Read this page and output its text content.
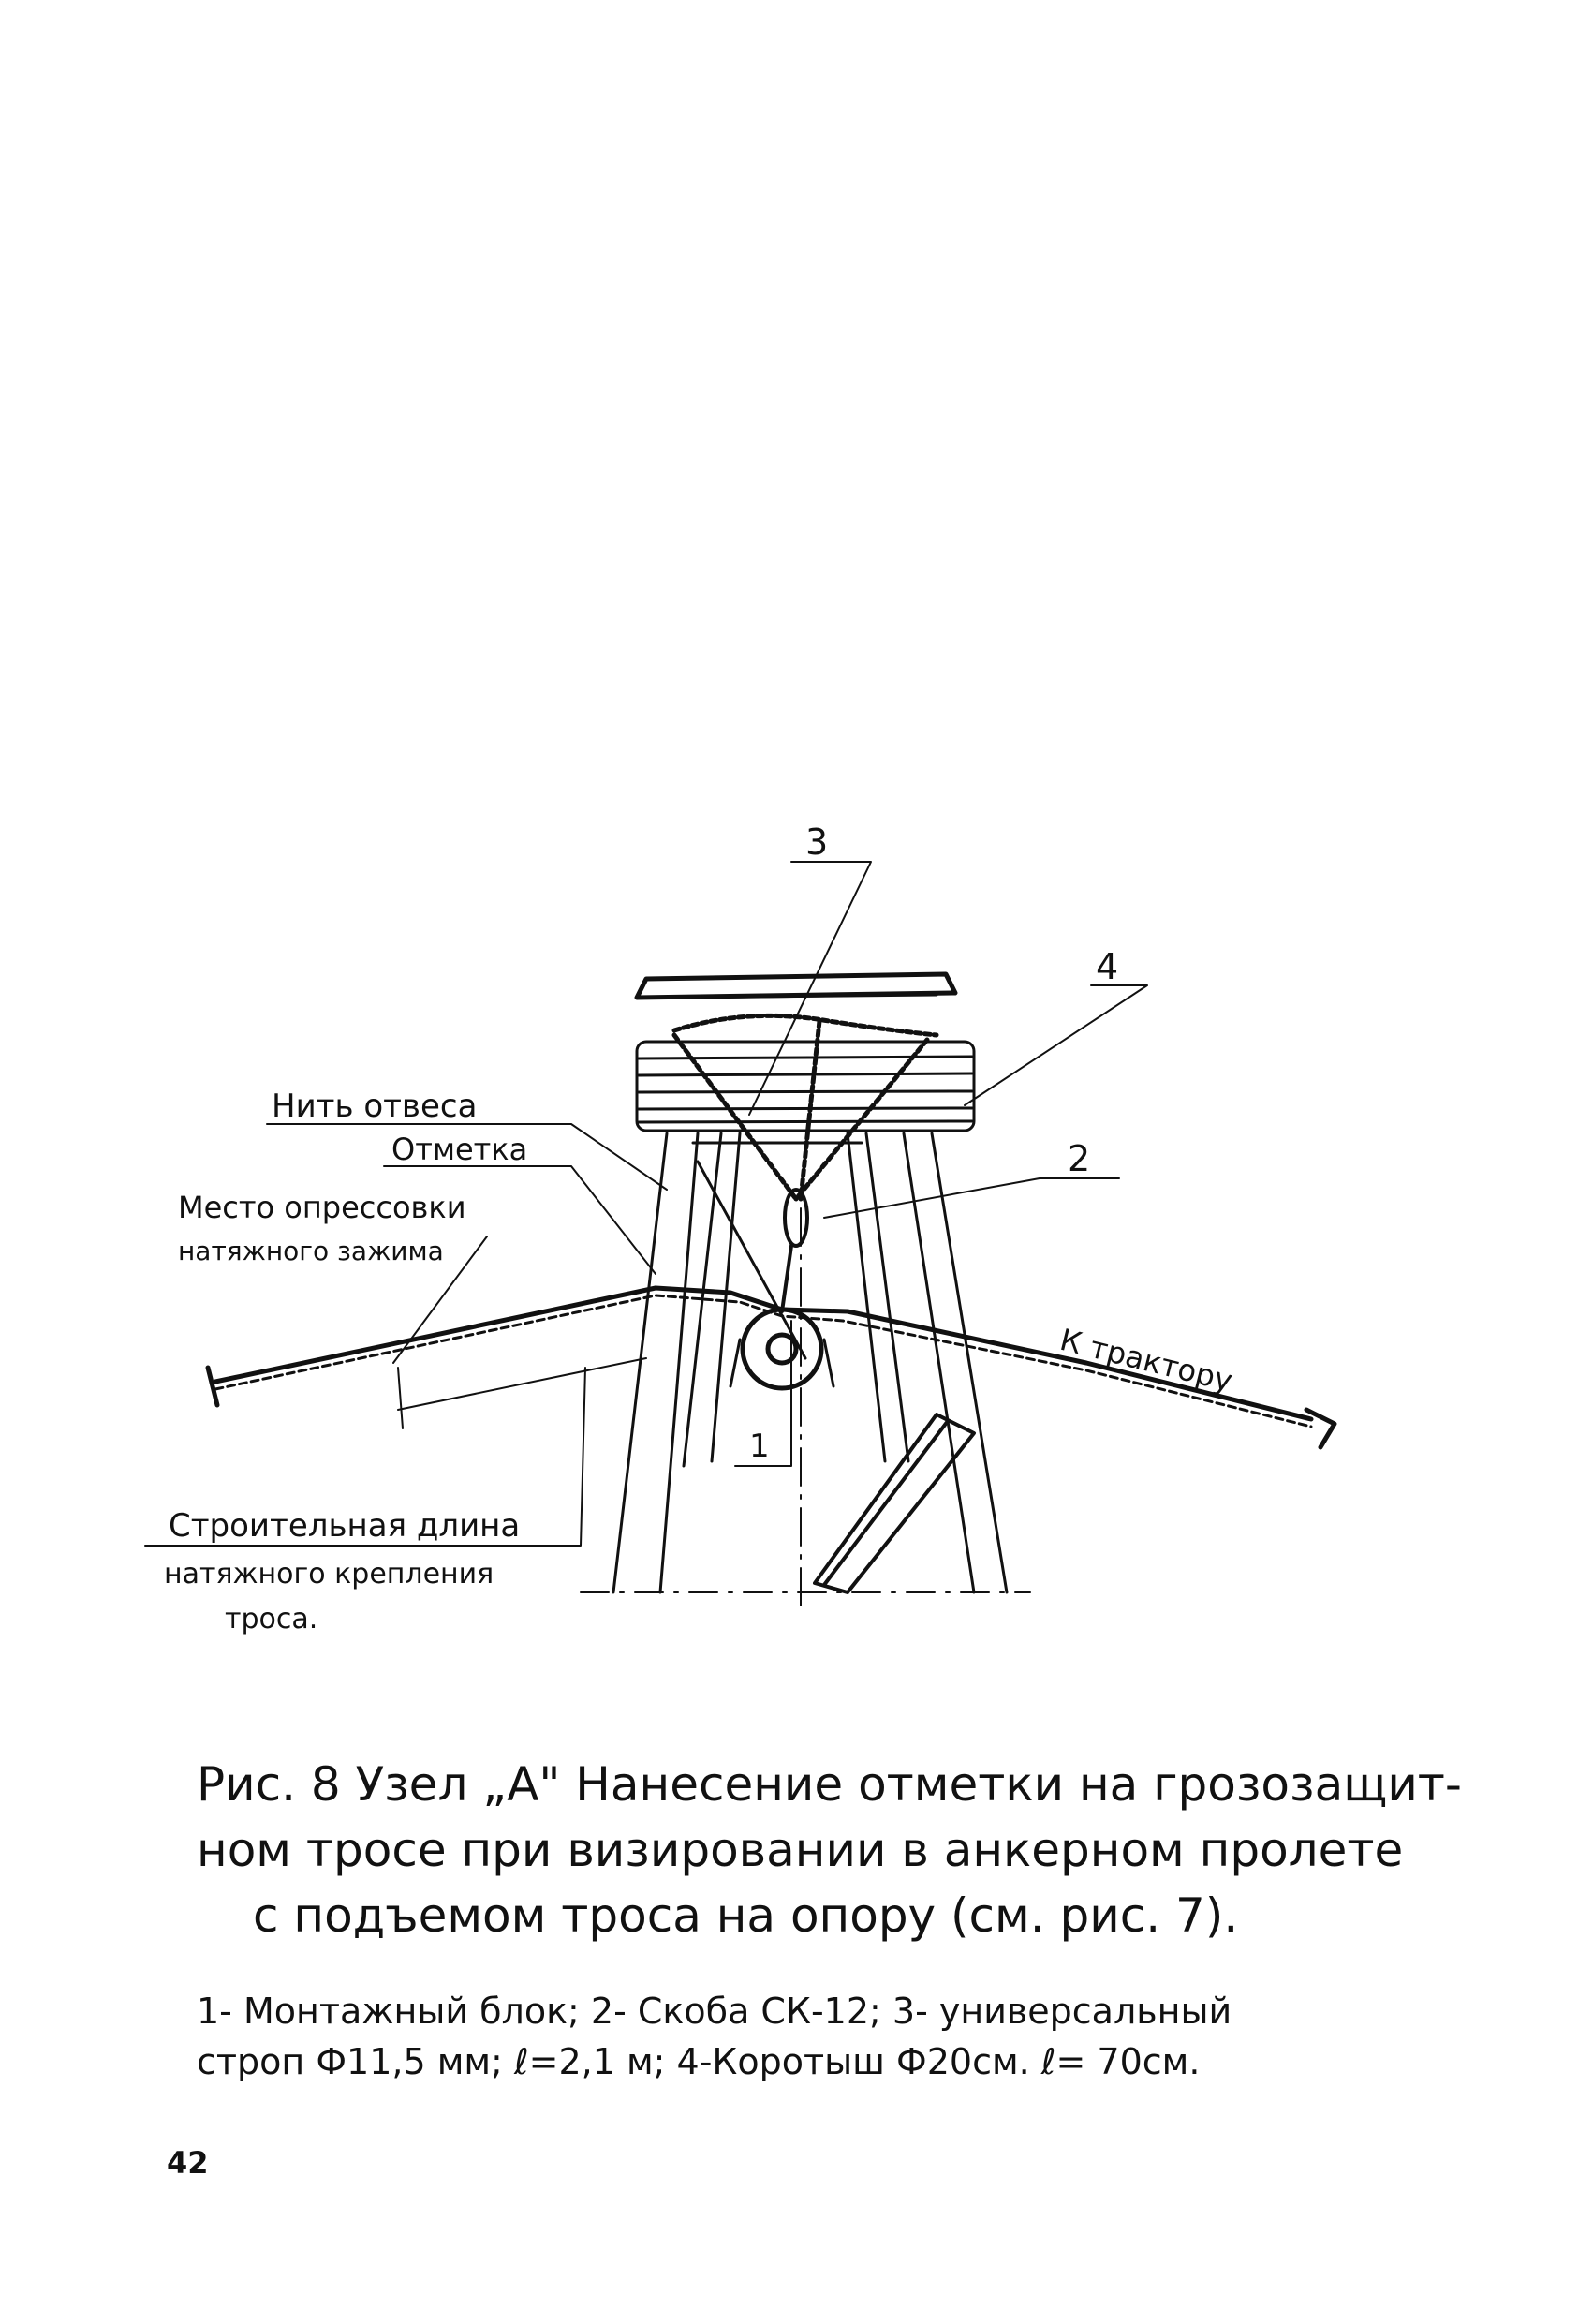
3
4
2
1
Нить отвеса
Отметка
Место опрессовки
натяжного зажима
К трактору
Строительная длина
натяжного крепления
троса.
Рис. 8 Узел „А" Нанесение отметки на грозозащит-
ном тросе при визировании в анкерном пролете
с подъемом троса на опору (см. рис. 7).
1- Монтажный блок; 2- Скоба СК-12; 3- универсальный
строп Ф11,5 мм; ℓ=2,1 м; 4-Коротыш Ф20см. ℓ= 70см.
42
